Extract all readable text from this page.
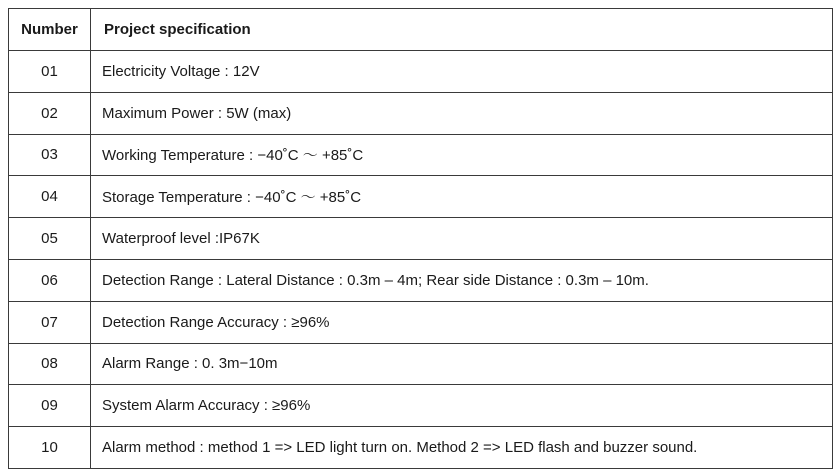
Number	Project specification
01	Electricity Voltage : 12V
02	Maximum Power : 5W (max)
03	Working Temperature : −40˚C ～ +85˚C
04	Storage Temperature : −40˚C ～ +85˚C
05	Waterproof level :IP67K
06	Detection Range : Lateral Distance : 0.3m – 4m; Rear side Distance : 0.3m – 10m.
07	Detection Range Accuracy : ≥96%
08	Alarm Range : 0. 3m−10m
09	System Alarm Accuracy : ≥96%
10	Alarm method : method 1 => LED light turn on. Method 2 => LED flash and buzzer sound.
